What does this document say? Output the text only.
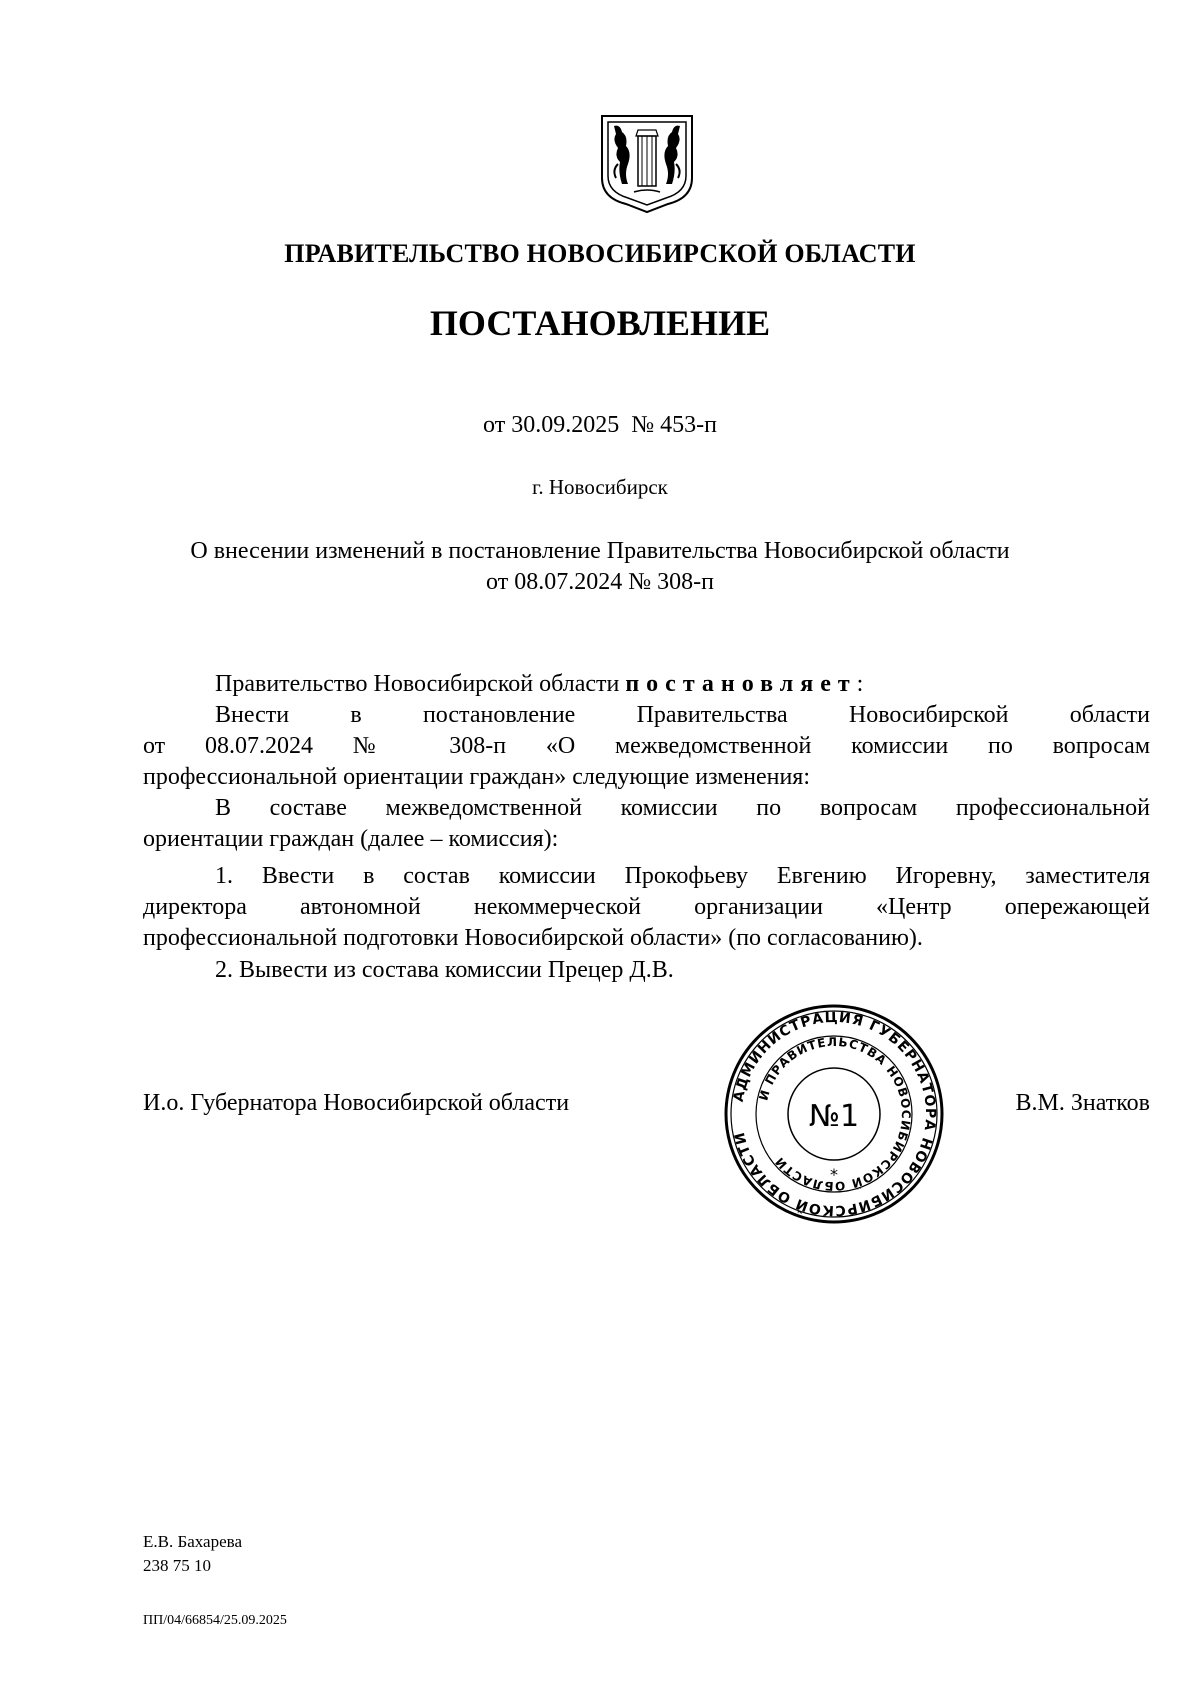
ПРАВИТЕЛЬСТВО НОВОСИБИРСКОЙ ОБЛАСТИ
ПОСТАНОВЛЕНИЕ
от 30.09.2025  № 453-п
г. Новосибирск
О внесении изменений в постановление Правительства Новосибирской области
от 08.07.2024 № 308-п
Правительство Новосибирской области постановляет:
Внести в постановление Правительства Новосибирской области
от 08.07.2024 № 308-п «О межведомственной комиссии по вопросам
профессиональной ориентации граждан» следующие изменения:
В составе межведомственной комиссии по вопросам профессиональной
ориентации граждан (далее – комиссия):
1. Ввести в состав комиссии Прокофьеву Евгению Игоревну, заместителя
директора автономной некоммерческой организации «Центр опережающей
профессиональной подготовки Новосибирской области» (по согласованию).
2. Вывести из состава комиссии Прецер Д.В.
И.о. Губернатора Новосибирской области	В.М. Знатков
АДМИНИСТРАЦИЯ ГУБЕРНАТОРА НОВОСИБИРСКОЙ ОБЛАСТИ
И ПРАВИТЕЛЬСТВА НОВОСИБИРСКОЙ ОБЛАСТИ
№1
*
Е.В. Бахарева
238 75 10
ПП/04/66854/25.09.2025
